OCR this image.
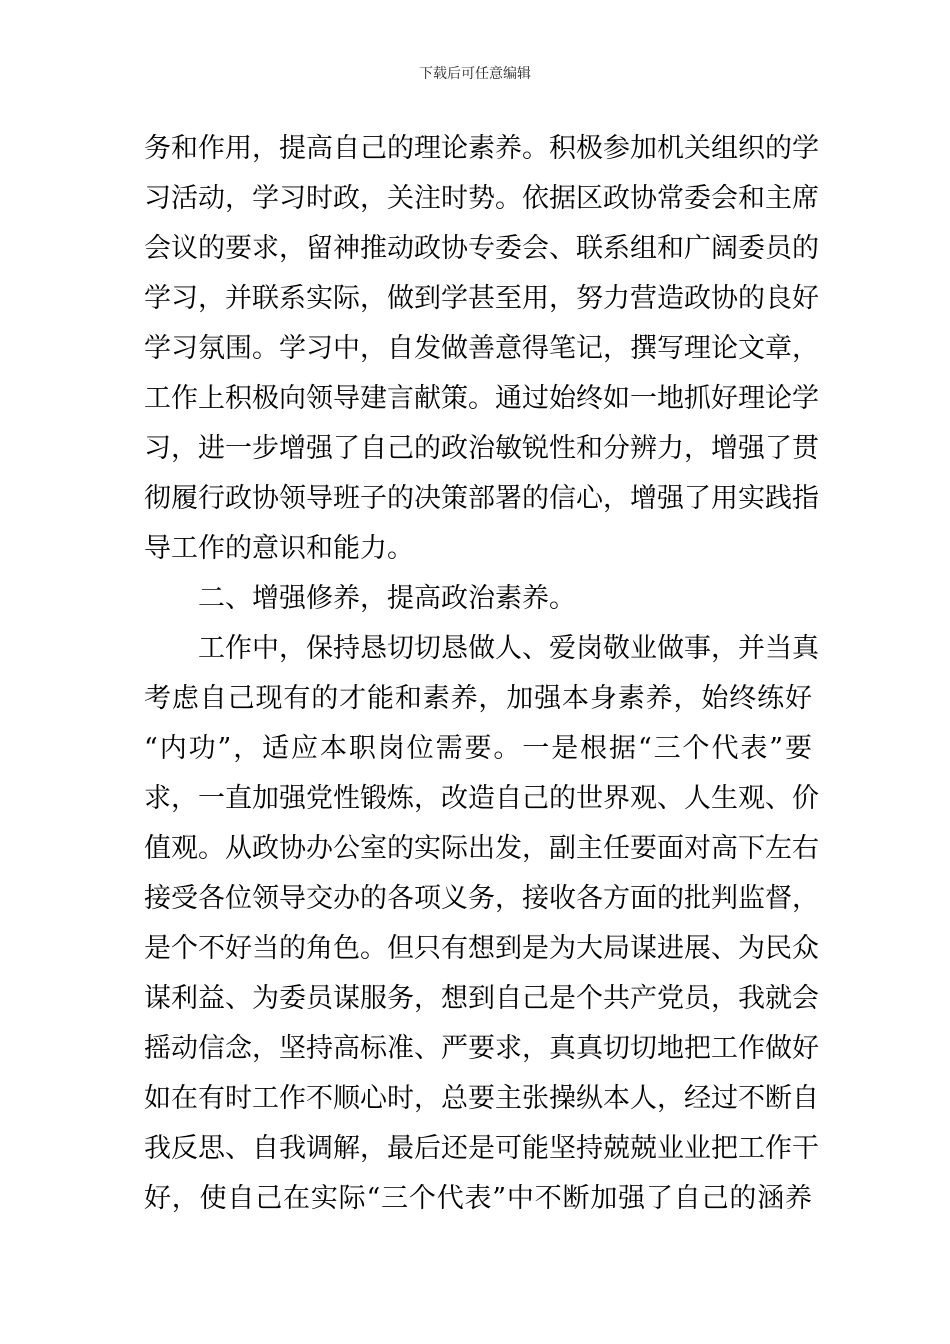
下载后可任意编辑
务和作用，提高自己的理论素养。积极参加机关组织的学
习活动，学习时政，关注时势。依据区政协常委会和主席
会议的要求，留神推动政协专委会、联系组和广阔委员的
学习，并联系实际，做到学甚至用，努力营造政协的良好
学习氛围。学习中，自发做善意得笔记，撰写理论文章，
工作上积极向领导建言献策。通过始终如一地抓好理论学
习，进一步增强了自己的政治敏锐性和分辨力，增强了贯
彻履行政协领导班子的决策部署的信心，增强了用实践指
导工作的意识和能力。
二、增强修养，提高政治素养。
工作中，保持恳切切恳做人、爱岗敬业做事，并当真
考虑自己现有的才能和素养，加强本身素养，始终练好
“内功”，适应本职岗位需要。一是根据“三个代表”要
求，一直加强党性锻炼，改造自己的世界观、人生观、价
值观。从政协办公室的实际出发，副主任要面对高下左右
接受各位领导交办的各项义务，接收各方面的批判监督，
是个不好当的角色。但只有想到是为大局谋进展、为民众
谋利益、为委员谋服务，想到自己是个共产党员，我就会
摇动信念，坚持高标准、严要求，真真切切地把工作做好
如在有时工作不顺心时，总要主张操纵本人，经过不断自
我反思、自我调解，最后还是可能坚持兢兢业业把工作干
好，使自己在实际“三个代表”中不断加强了自己的涵养
